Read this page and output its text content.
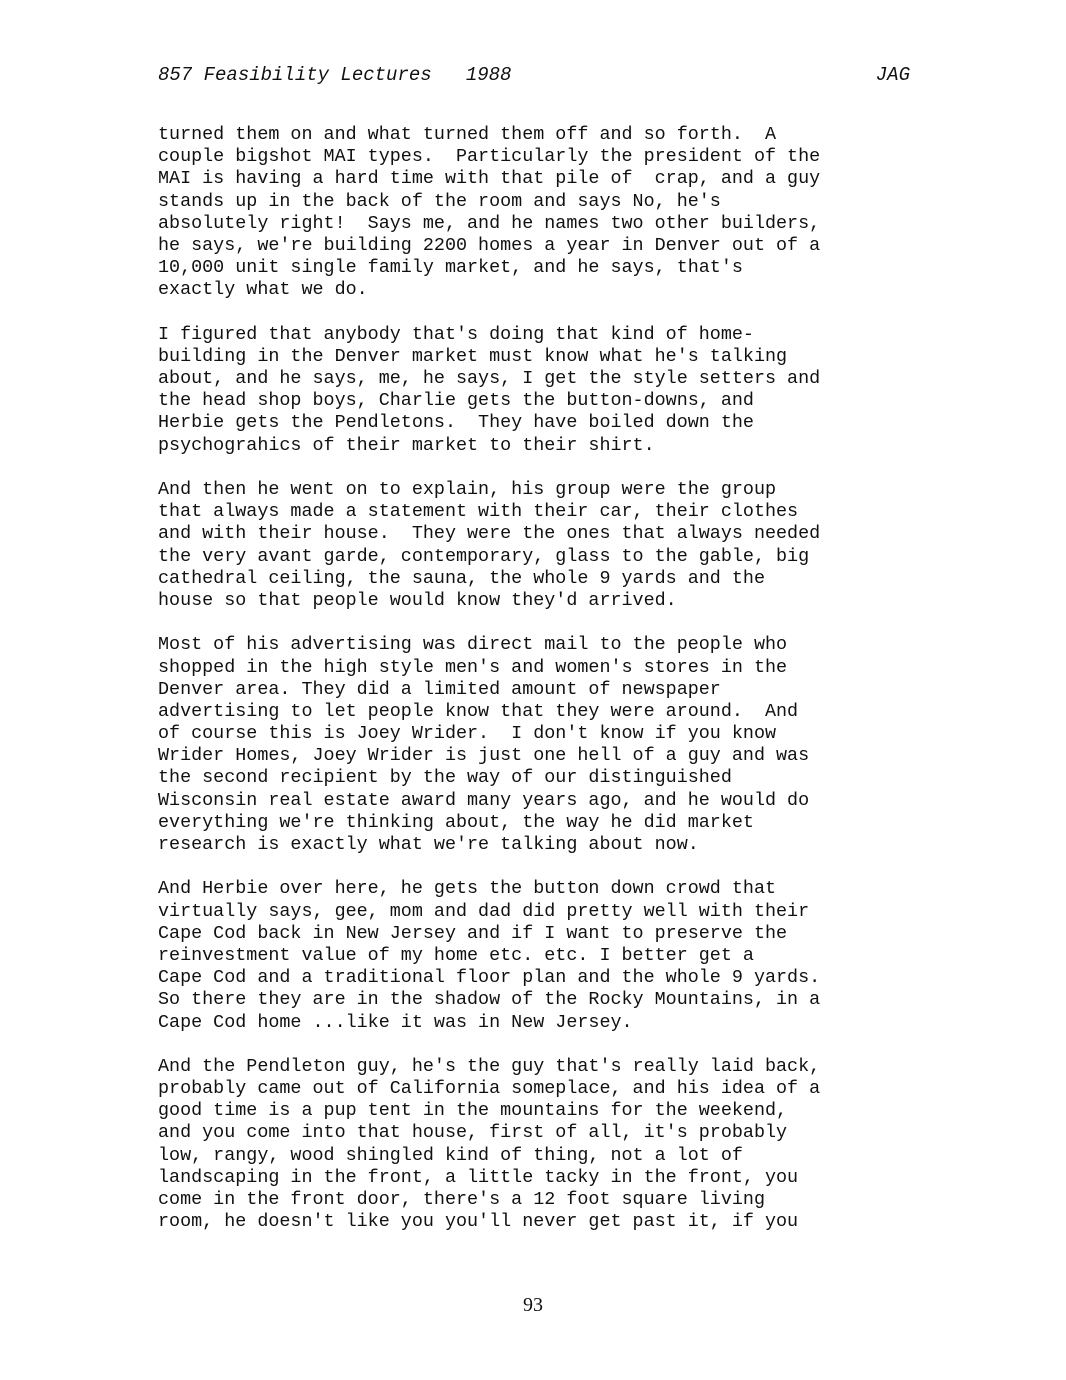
857 Feasibility Lectures   1988

	JAG

turned them on and what turned them off and so forth.  A
couple bigshot MAI types.  Particularly the president of the
MAI is having a hard time with that pile of  crap, and a guy
stands up in the back of the room and says No, he's
absolutely right!  Says me, and he names two other builders,
he says, we're building 2200 homes a year in Denver out of a
10,000 unit single family market, and he says, that's
exactly what we do.
I figured that anybody that's doing that kind of home-
building in the Denver market must know what he's talking
about, and he says, me, he says, I get the style setters and
the head shop boys, Charlie gets the button-downs, and
Herbie gets the Pendletons.  They have boiled down the
psychograhics of their market to their shirt.
And then he went on to explain, his group were the group
that always made a statement with their car, their clothes
and with their house.  They were the ones that always needed
the very avant garde, contemporary, glass to the gable, big
cathedral ceiling, the sauna, the whole 9 yards and the
house so that people would know they'd arrived.
Most of his advertising was direct mail to the people who
shopped in the high style men's and women's stores in the
Denver area. They did a limited amount of newspaper
advertising to let people know that they were around.  And
of course this is Joey Wrider.  I don't know if you know
Wrider Homes, Joey Wrider is just one hell of a guy and was
the second recipient by the way of our distinguished
Wisconsin real estate award many years ago, and he would do
everything we're thinking about, the way he did market
research is exactly what we're talking about now.
And Herbie over here, he gets the button down crowd that
virtually says, gee, mom and dad did pretty well with their
Cape Cod back in New Jersey and if I want to preserve the
reinvestment value of my home etc. etc. I better get a
Cape Cod and a traditional floor plan and the whole 9 yards.
So there they are in the shadow of the Rocky Mountains, in a
Cape Cod home ...like it was in New Jersey.
And the Pendleton guy, he's the guy that's really laid back,
probably came out of California someplace, and his idea of a
good time is a pup tent in the mountains for the weekend,
and you come into that house, first of all, it's probably
low, rangy, wood shingled kind of thing, not a lot of
landscaping in the front, a little tacky in the front, you
come in the front door, there's a 12 foot square living
room, he doesn't like you you'll never get past it, if you
93
